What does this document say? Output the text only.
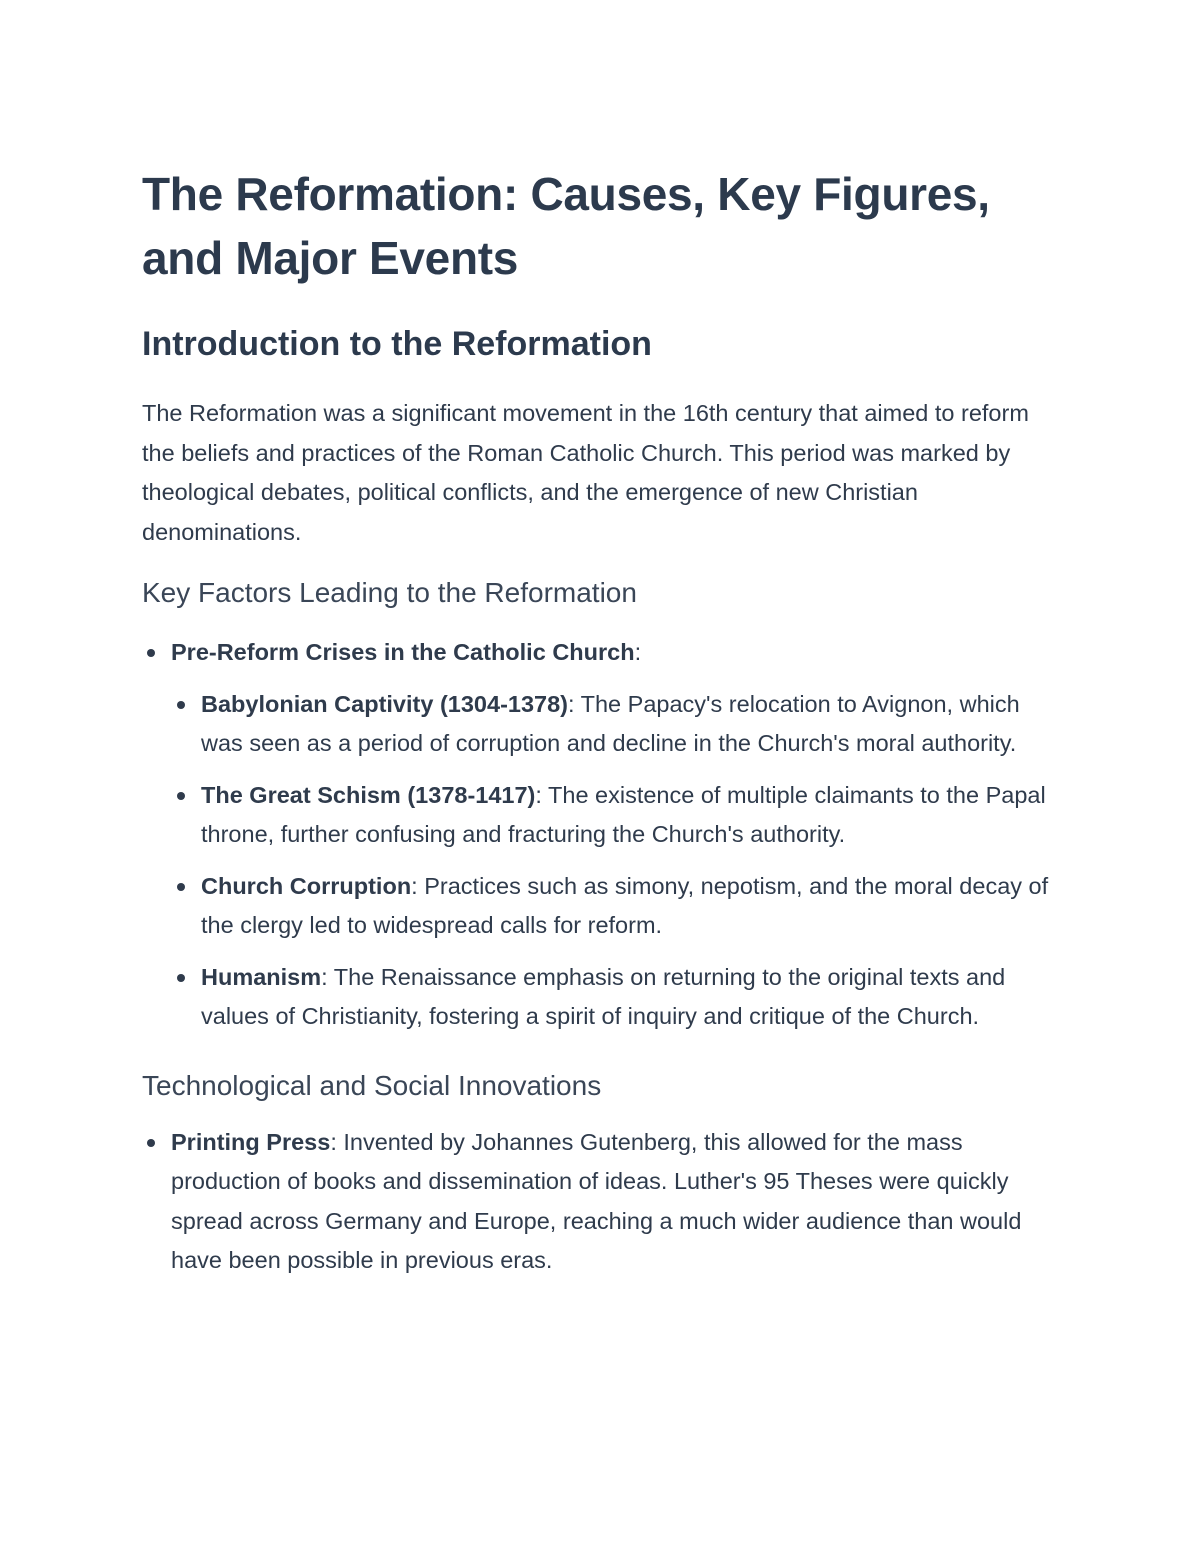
The Reformation: Causes, Key Figures, and Major Events
Introduction to the Reformation

The Reformation was a significant movement in the 16th century that aimed to reform the beliefs and practices of the Roman Catholic Church. This period was marked by theological debates, political conflicts, and the emergence of new Christian denominations.

Key Factors Leading to the Reformation
Pre-Reform Crises in the Catholic Church:
Babylonian Captivity (1304-1378): The Papacy's relocation to Avignon, which was seen as a period of corruption and decline in the Church's moral authority.
The Great Schism (1378-1417): The existence of multiple claimants to the Papal throne, further confusing and fracturing the Church's authority.
Church Corruption: Practices such as simony, nepotism, and the moral decay of the clergy led to widespread calls for reform.
Humanism: The Renaissance emphasis on returning to the original texts and values of Christianity, fostering a spirit of inquiry and critique of the Church.
Technological and Social Innovations
Printing Press: Invented by Johannes Gutenberg, this allowed for the mass production of books and dissemination of ideas. Luther's 95 Theses were quickly spread across Germany and Europe, reaching a much wider audience than would have been possible in previous eras.
